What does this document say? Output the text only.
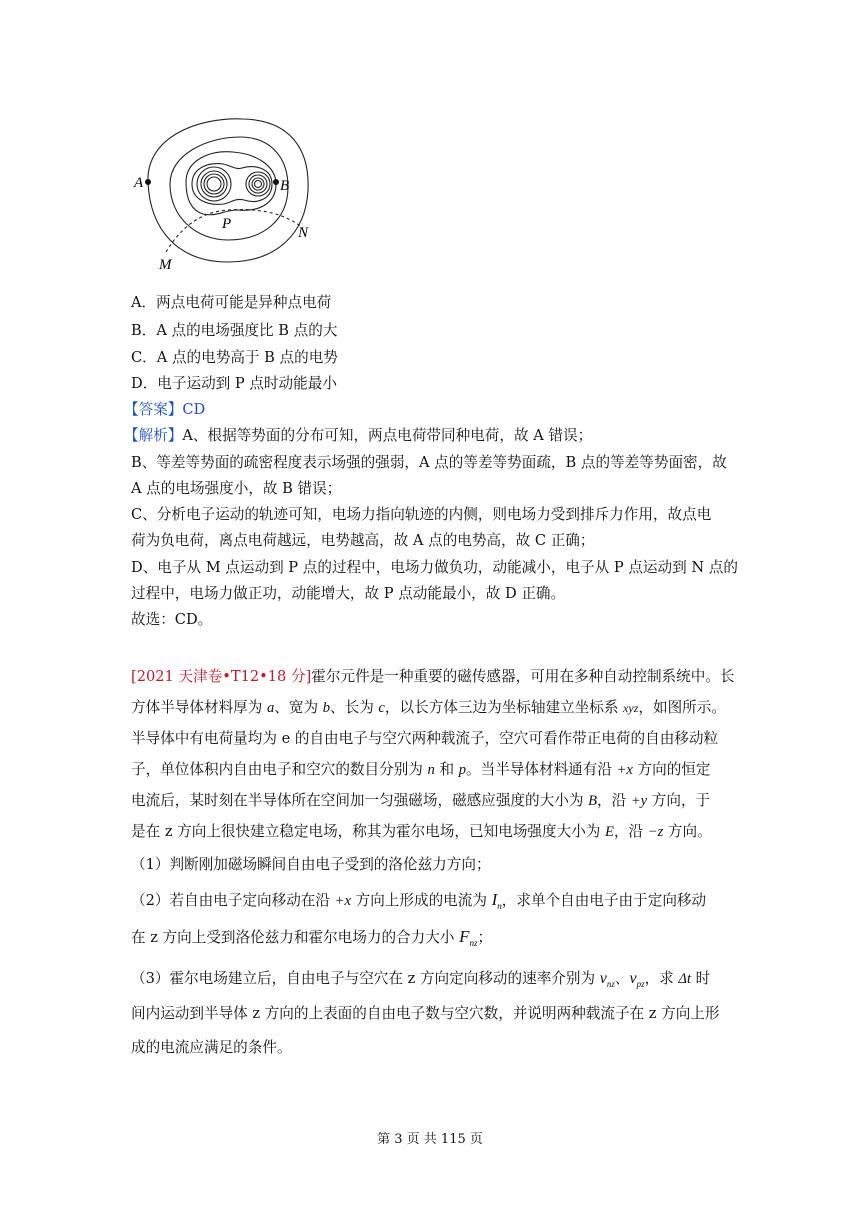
A	B
P
M
N
A．两点电荷可能是异种点电荷
B．A 点的电场强度比 B 点的大
C．A 点的电势高于 B 点的电势
D．电子运动到 P 点时动能最小
【答案】CD
【解析】A、根据等势面的分布可知，两点电荷带同种电荷，故 A 错误；
B、等差等势面的疏密程度表示场强的强弱，A 点的等差等势面疏，B 点的等差等势面密，故
A 点的电场强度小，故 B 错误；
C、分析电子运动的轨迹可知，电场力指向轨迹的内侧，则电场力受到排斥力作用，故点电
荷为负电荷，离点电荷越远，电势越高，故 A 点的电势高，故 C 正确；
D、电子从 M 点运动到 P 点的过程中，电场力做负功，动能减小，电子从 P 点运动到 N 点的
过程中，电场力做正功，动能增大，故 P 点动能最小，故 D 正确。
故选：CD。
[2021 天津卷•T12•18 分]霍尔元件是一种重要的磁传感器，可用在多种自动控制系统中。长
方体半导体材料厚为 a、宽为 b、长为 c，以长方体三边为坐标轴建立坐标系 xyz，如图所示。
半导体中有电荷量均为 e 的自由电子与空穴两种载流子，空穴可看作带正电荷的自由移动粒
子，单位体积内自由电子和空穴的数目分别为 n 和 p。当半导体材料通有沿 +x 方向的恒定
电流后，某时刻在半导体所在空间加一匀强磁场，磁感应强度的大小为 B，沿 +y 方向，于
是在 z 方向上很快建立稳定电场，称其为霍尔电场，已知电场强度大小为 E，沿 −z 方向。
（1）判断刚加磁场瞬间自由电子受到的洛伦兹力方向；
（2）若自由电子定向移动在沿 +x 方向上形成的电流为 $I_n$，求单个自由电子由于定向移动
在 z 方向上受到洛伦兹力和霍尔电场力的合力大小 $F_{nz}$；
（3）霍尔电场建立后，自由电子与空穴在 z 方向定向移动的速率介别为 $v_{nz}$、$v_{pz}$，求 Δt 时
间内运动到半导体 z 方向的上表面的自由电子数与空穴数，并说明两种载流子在 z 方向上形
成的电流应满足的条件。
第 3 页 共 115 页
